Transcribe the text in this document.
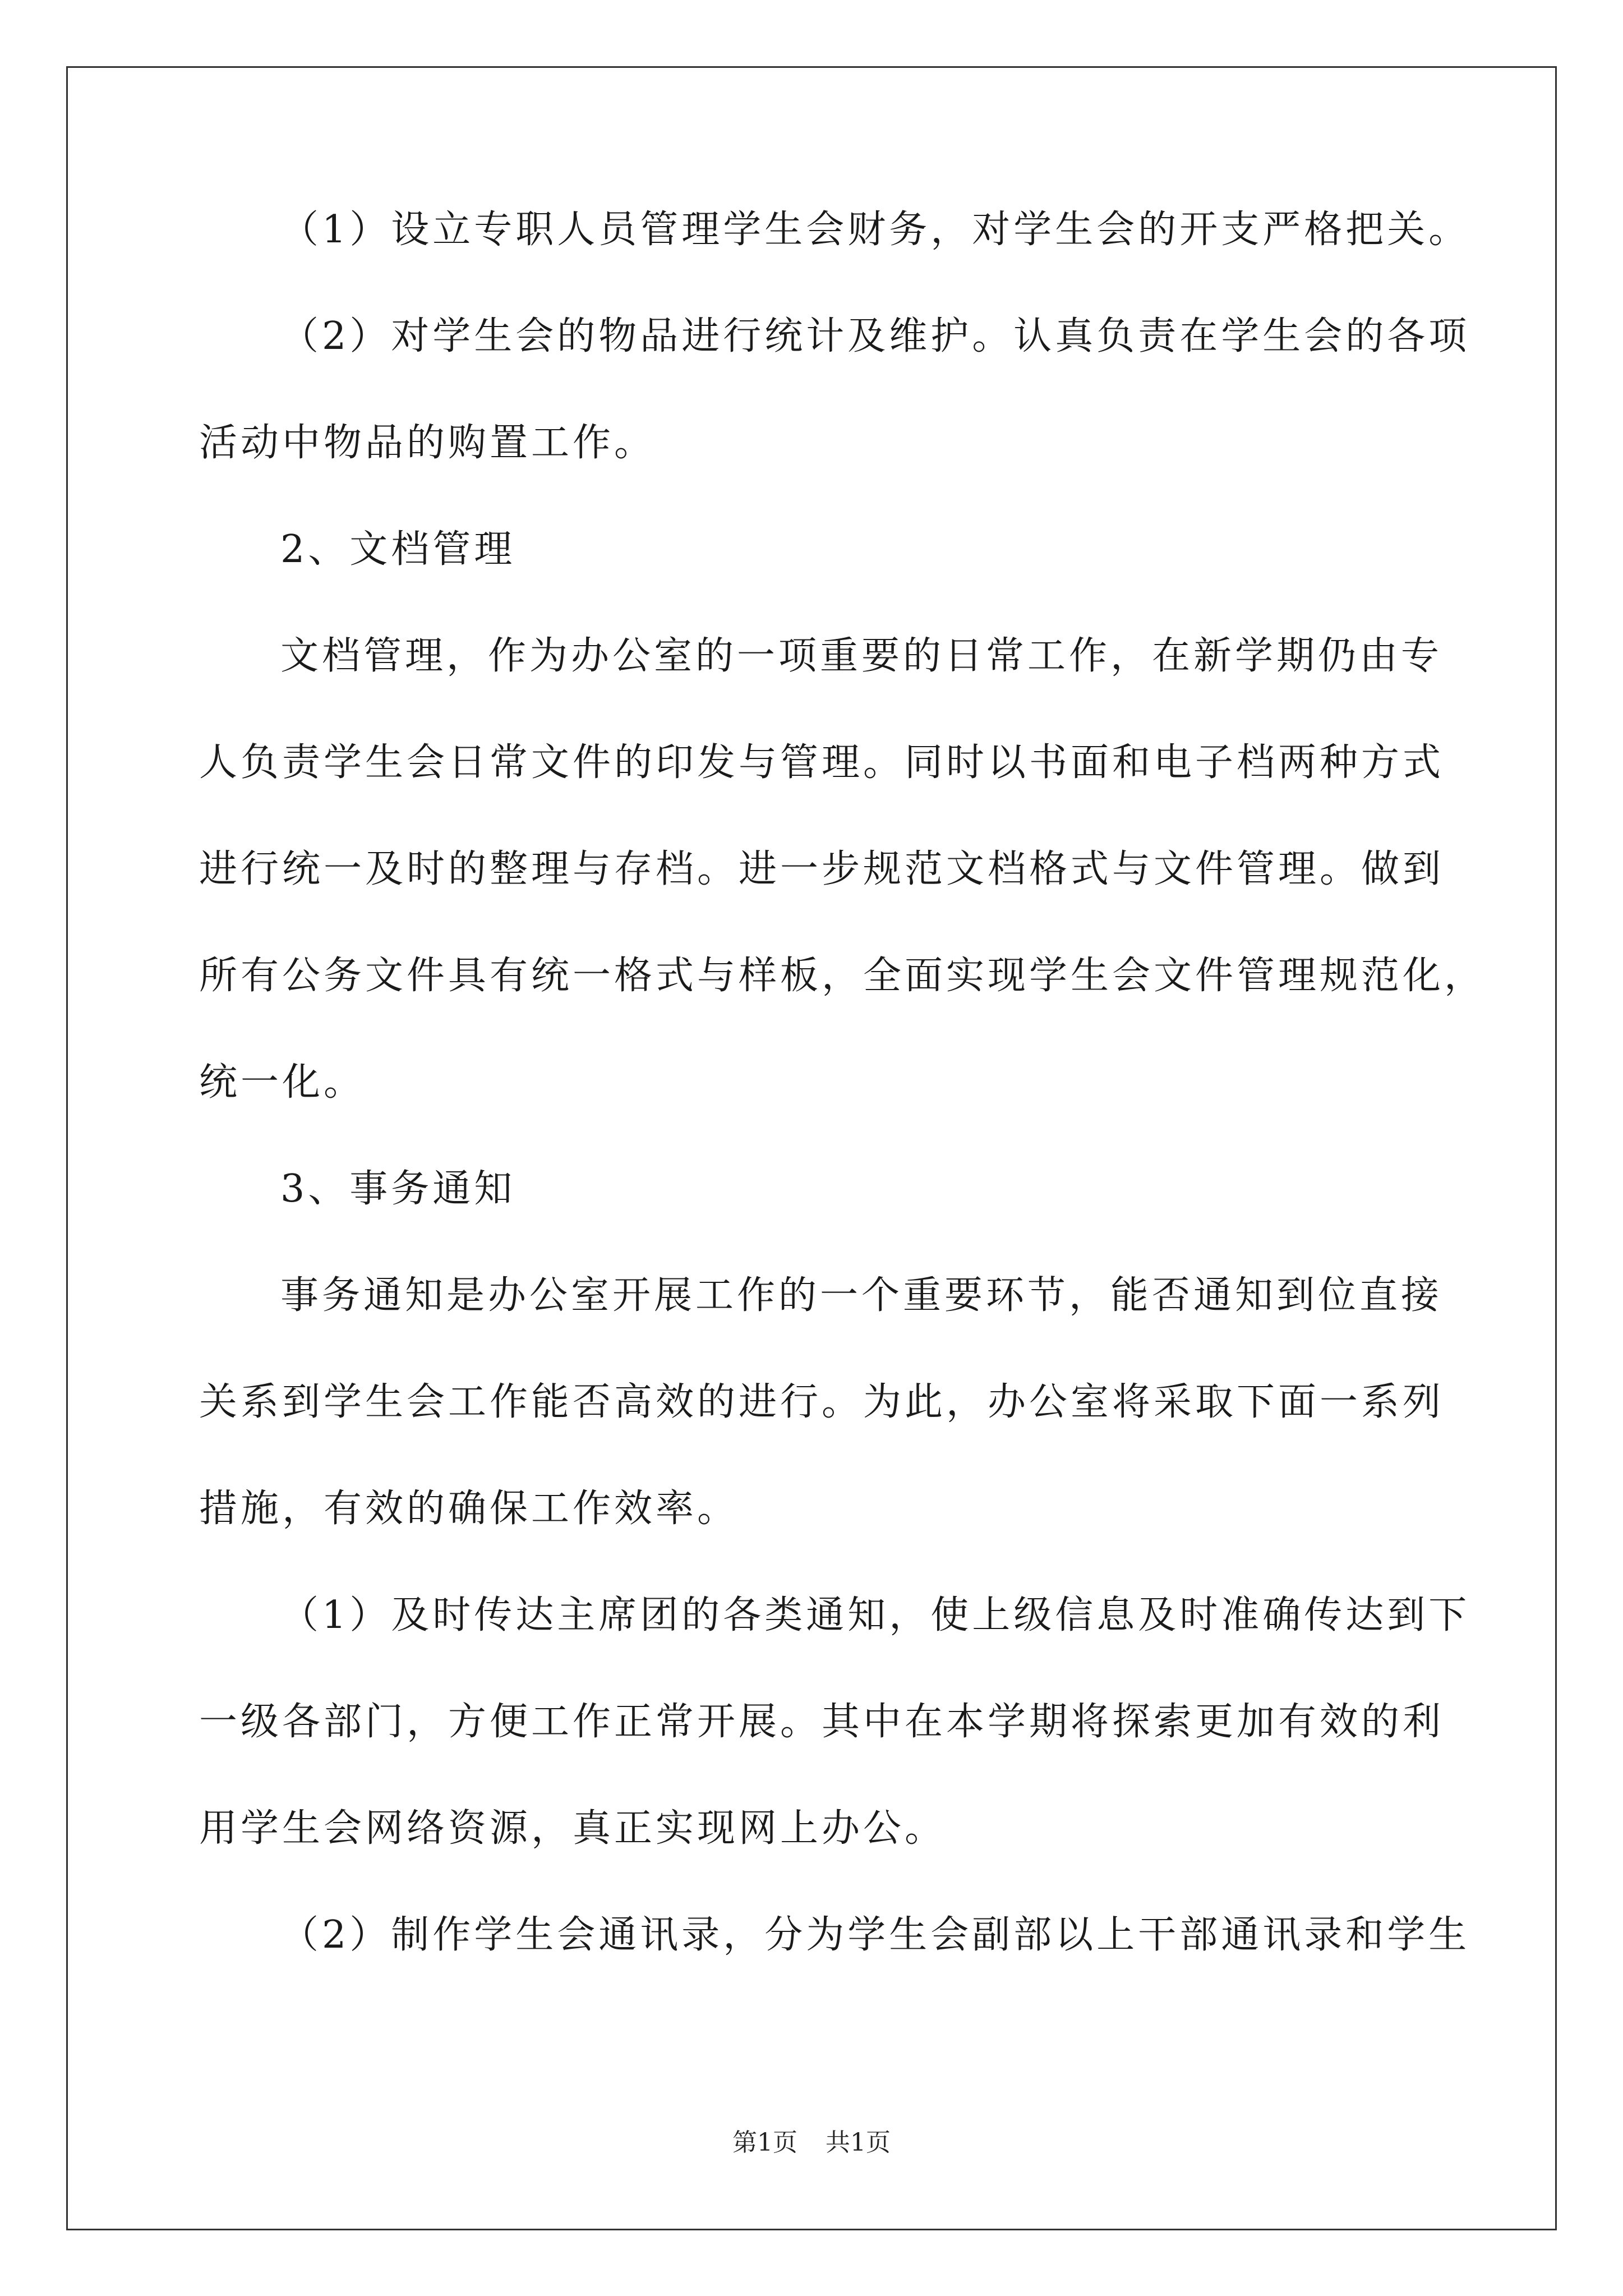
（1）设立专职人员管理学生会财务，对学生会的开支严格把关。
（2）对学生会的物品进行统计及维护。认真负责在学生会的各项
活动中物品的购置工作。
2、文档管理
文档管理，作为办公室的一项重要的日常工作，在新学期仍由专
人负责学生会日常文件的印发与管理。同时以书面和电子档两种方式
进行统一及时的整理与存档。进一步规范文档格式与文件管理。做到
所有公务文件具有统一格式与样板，全面实现学生会文件管理规范化，
统一化。
3、事务通知
事务通知是办公室开展工作的一个重要环节，能否通知到位直接
关系到学生会工作能否高效的进行。为此，办公室将采取下面一系列
措施，有效的确保工作效率。
（1）及时传达主席团的各类通知，使上级信息及时准确传达到下
一级各部门，方便工作正常开展。其中在本学期将探索更加有效的利
用学生会网络资源，真正实现网上办公。
（2）制作学生会通讯录，分为学生会副部以上干部通讯录和学生
第1页 共1页
